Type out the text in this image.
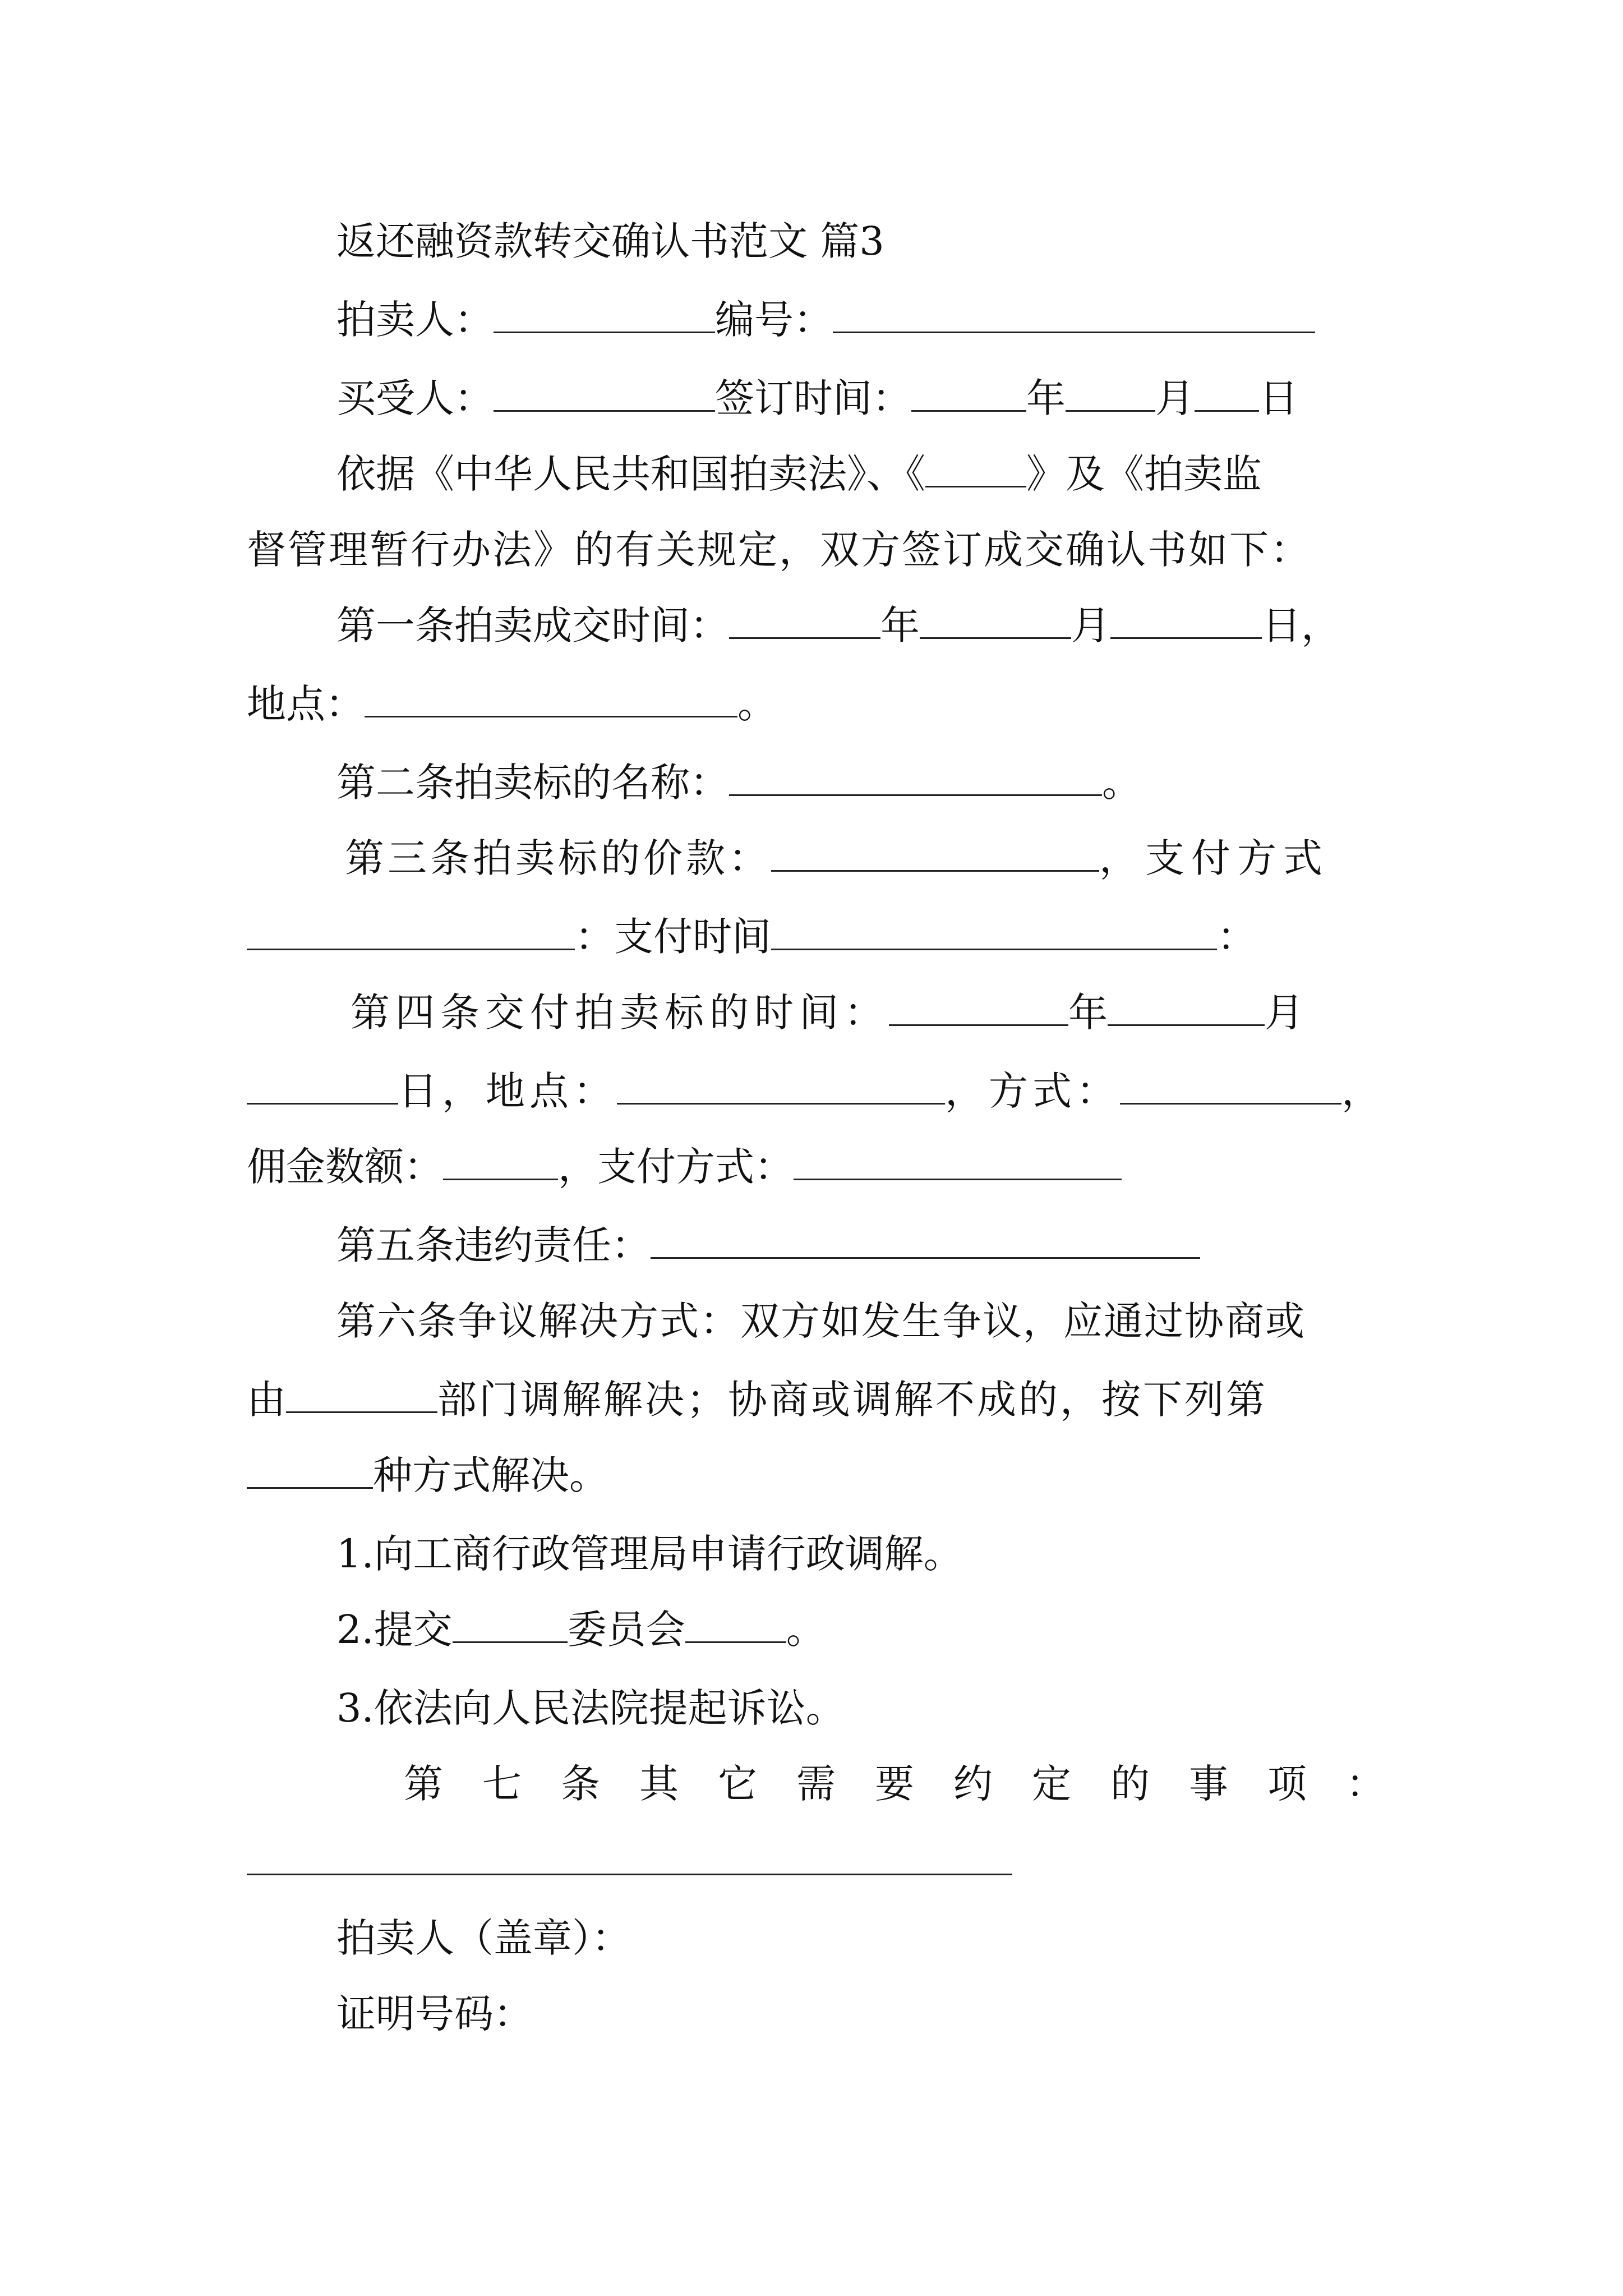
返还融资款转交确认书范文 篇3
拍卖人：	编号：
买受人：	签订时间：	年 月 日
依据《中华人民共和国拍卖法》、《	》及《拍卖监
督管理暂行办法》的有关规定，双方签订成交确认书如下：
第一条拍卖成交时间：	年	月	日，
地点：	。
第二条拍卖标的名称：	。
第三条拍卖标的价款：	，支付方式
：支付时间	：
第四条交付拍卖标的时间：	年	月
日，地点：	，方式：	，
佣金数额：	，支付方式：
第五条违约责任：
第六条争议解决方式：双方如发生争议，应通过协商或
由	部门调解解决；协商或调解不成的，按下列第
种方式解决。
1.向工商行政管理局申请行政调解。
2.提交	委员会	。
3.依法向人民法院提起诉讼。
第 七 条 其 它 需 要 约 定 的 事 项 ：
拍卖人（盖章）：
证明号码：
